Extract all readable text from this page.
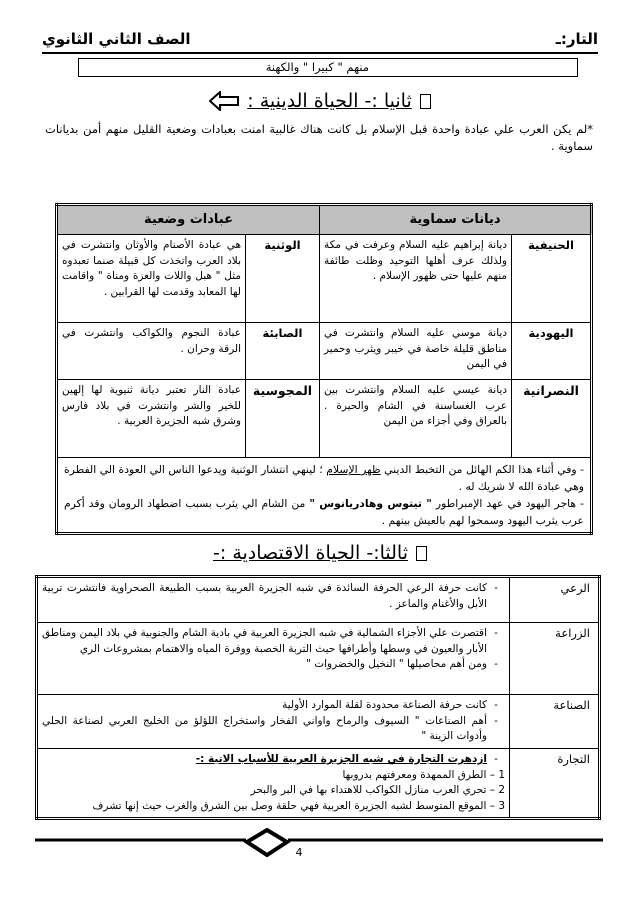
التار:ـ
الصف الثاني الثانوي
منهم " كبيرا " والكهنة
ثانيا :- الحياة الدينية :
*لم يكن العرب علي عبادة واحدة قبل الإسلام بل كانت هناك غالبية امنت بعبادات وضعية القليل منهم أمن بديانات سماوية .
ديانات سماوية		عبادات وضعية	
الحنيفية	ديانة إبراهيم عليه السلام وعرفت في مكة ولذلك عرف أهلها التوحيد وظلت طائفة منهم عليها حتى ظهور الإسلام .	الوثنية	هي عبادة الأصنام والأوثان وانتشرت في بلاد العرب واتخذت كل قبيلة صنما تعبدوه مثل " هبل واللات والعزة ومناة " واقامت لها المعابد وقدمت لها القرابين .
اليهودية	ديانة موسي عليه السلام وانتشرت في مناطق قليلة خاصة في خيبر ويثرب وحمير في اليمن	الصابئة	عبادة النجوم والكواكب وانتشرت في الرقة وحران .
النصرانية	ديانة عيسي عليه السلام وانتشرت بين عرب الغساسنة في الشام والحيرة . بالعراق وفي أجزاء من اليمن	المجوسية	عبادة النار تعتبر ديانة ثنيوية لها إلهين للخير والشر وانتشرت في بلاد فارس وشرق شبه الجزيرة العربية .

- وفي أثناء هذا الكم الهائل من التخبط الديني ظهر الإسلام ؛ لينهي انتشار الوثنية ويدعوا الناس الي العودة الي الفطرة وهي عبادة الله لا شريك له .
- هاجر اليهود في عهد الإمبراطور " تيتوس وهادريانوس " من الشام الي يثرب بسبب اضطهاد الرومان وقد أكرم عرب يثرب اليهود وسمحوا لهم بالعيش بينهم .			
ثالثا:- الحياة الاقتصادية :-
الرعي	-
كانت حرفة الرعي الحرفة السائدة في شبه الجزيرة العربية بسبب الطبيعة الصحراوية فانتشرت تربية الأبل والأغنام والماعز .

الزراعة	-
اقتصرت علي الأجزاء الشمالية في شبه الجزيرة العربية في بادية الشام والجنوبية في بلاد اليمن ومناطق الأبار والعيون في وسطها وأطرافها حيث التربة الخصبة ووفرة المياه والاهتمام بمشروعات الري
-
ومن أهم محاصيلها " النخيل والخضروات "

الصناعة	-
كانت حرفة الصناعة محدودة لقلة الموارد الأولية
-
أهم الصناعات " السيوف والرماح واواني الفخار واستخراج اللؤلؤ من الخليج العربي لصناعة الحلي وأدوات الزينة "

التجارة	-
ازدهرت التجارة في شبه الجزيرة العربية للأسباب الاتية :-
1 – الطرق الممهدة ومعرفتهم بدروبها
2 – تحري العرب منازل الكواكب للاهتداء بها في البر والبحر
3 – الموقع المتوسط لشبه الجزيرة العربية فهي حلقة وصل بين الشرق والغرب حيث إنها تشرف
4
